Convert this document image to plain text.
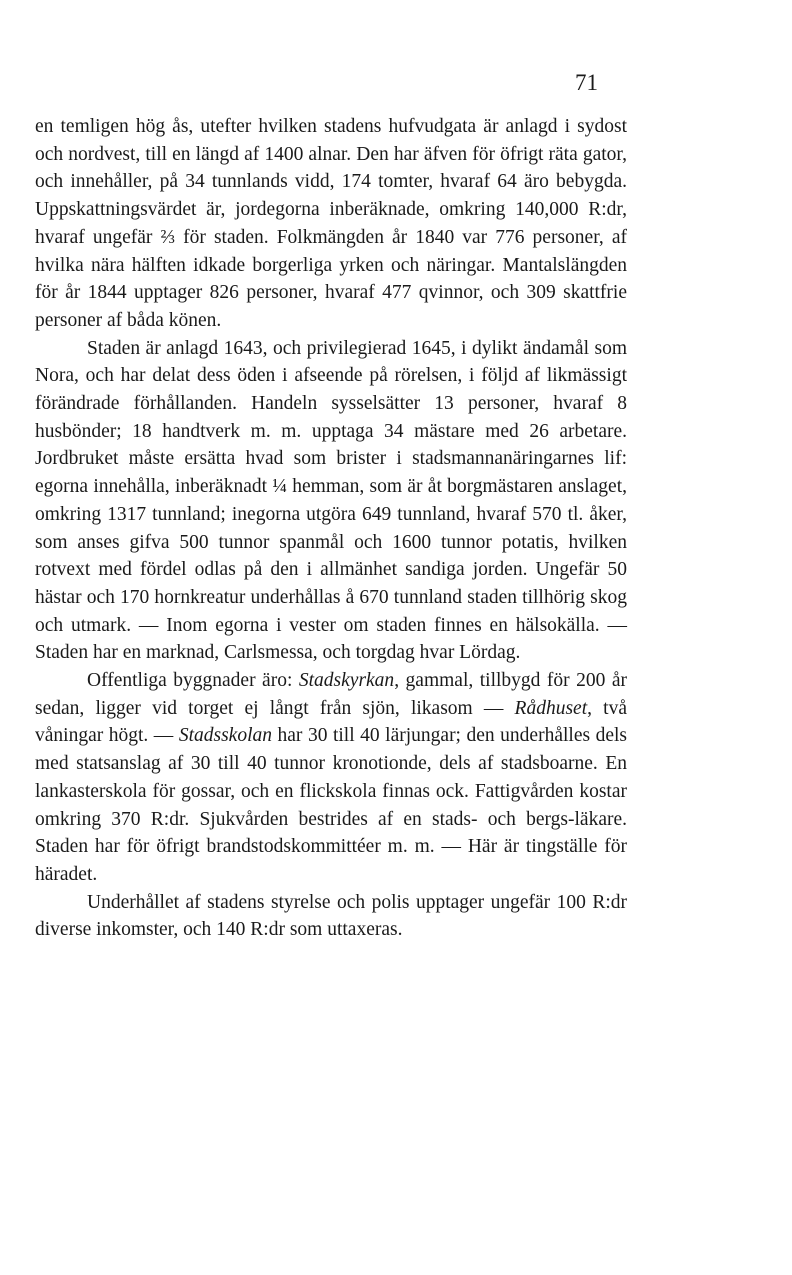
71

en temligen hög ås, utefter hvilken stadens hufvudgata är anlagd i sydost och nordvest, till en längd af 1400 alnar. Den har äfven för öfrigt räta gator, och innehåller, på 34 tunnlands vidd, 174 tomter, hvaraf 64 äro bebygda. Uppskattningsvärdet är, jordegorna inberäknade, omkring 140,000 R:dr, hvaraf ungefär ⅔ för staden. Folkmängden år 1840 var 776 personer, af hvilka nära hälften idkade borgerliga yrken och näringar. Mantalslängden för år 1844 upptager 826 personer, hvaraf 477 qvinnor, och 309 skattfrie personer af båda könen.

Staden är anlagd 1643, och privilegierad 1645, i dylikt ändamål som Nora, och har delat dess öden i afseende på rörelsen, i följd af likmässigt förändrade förhållanden. Handeln sysselsätter 13 personer, hvaraf 8 husbönder; 18 handtverk m. m. upptaga 34 mästare med 26 arbetare. Jordbruket måste ersätta hvad som brister i stadsmannanäringarnes lif: egorna innehålla, inberäknadt ¼ hemman, som är åt borgmästaren anslaget, omkring 1317 tunnland; inegorna utgöra 649 tunnland, hvaraf 570 tl. åker, som anses gifva 500 tunnor spanmål och 1600 tunnor potatis, hvilken rotvext med fördel odlas på den i allmänhet sandiga jorden. Ungefär 50 hästar och 170 hornkreatur underhållas å 670 tunnland staden tillhörig skog och utmark. — Inom egorna i vester om staden finnes en hälsokälla. — Staden har en marknad, Carlsmessa, och torgdag hvar Lördag.

Offentliga byggnader äro: Stadskyrkan, gammal, tillbygd för 200 år sedan, ligger vid torget ej långt från sjön, likasom — Rådhuset, två våningar högt. — Stadsskolan har 30 till 40 lärjungar; den underhålles dels med statsanslag af 30 till 40 tunnor kronotionde, dels af stadsboarne. En lankasterskola för gossar, och en flickskola finnas ock. Fattigvården kostar omkring 370 R:dr. Sjukvården bestrides af en stads- och bergs-läkare. Staden har för öfrigt brandstodskommittéer m. m. — Här är tingställe för häradet.

Underhållet af stadens styrelse och polis upptager ungefär 100 R:dr diverse inkomster, och 140 R:dr som uttaxeras.
